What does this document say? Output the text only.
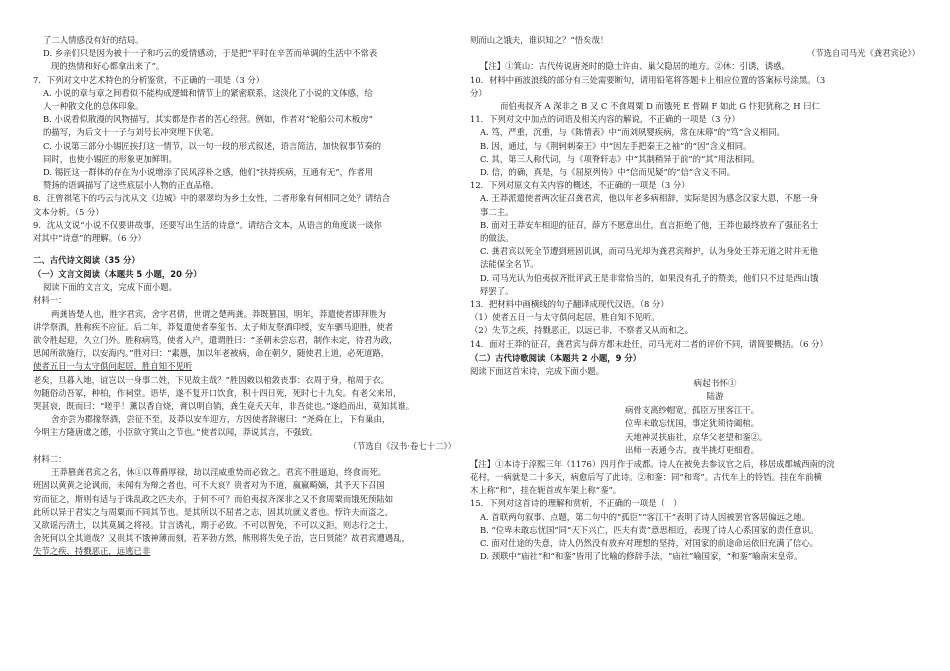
了二人情感没有好的结局。
D. 乡亲们只是因为被十一子和巧云的爱情感动，于是把“平时在辛苦而单调的生活中不常表
现的热情和好心都拿出来了”。
7．下列对文中艺术特色的分析鉴赏，不正确的一项是（3 分）
A. 小说的章与章之间看似不能构成逻辑和情节上的紧密联系，这淡化了小说的文体感，给
人一种散文化的总体印象。
B. 小说看似散漫的风物描写，其实都是作者的苦心经营。例如，作者对“轮船公司木板房”
的描写，为后文十一子与刘号长冲突埋下伏笔。
C. 小说第三部分小锡匠挨打这一情节，以一句一段的形式叙述，语言简洁，加快叙事节奏的
同时，也使小锡匠的形象更加鲜明。
D. 锡匠这一群体的存在为小说增添了民风淳朴之感，他们“扶持疾病，互通有无”，作者用
赞扬的语调描写了这些底层小人物的正直品格。
8．汪曾祺笔下的巧云与沈从文《边城》中的翠翠均为乡土女性，二者形象有何相同之处？请结合
文本分析。（5 分）
9．沈从文说“小说不仅要讲故事，还要写出生活的诗意”。请结合文本，从语言的角度谈一谈你
对其中“诗意”的理解。（6 分）
二、古代诗文阅读（35 分）
（一）文言文阅读（本题共 5 小题，20 分）
阅读下面的文言文，完成下面小题。
材料一：
两龚皆楚人也，胜字君宾，舍字君倩，世谓之楚两龚。莽既篡国，明年，莽遣使者即拜胜为
讲学祭酒，胜称疾不应征。后二年，莽复遣使者奉玺书、太子师友祭酒印绶，安车驷马迎胜，使者
欲令胜起迎，久立门外。胜称病笃，使者入户，遣谓胜曰：“圣朝未尝忘君，制作未定，待君为政，
思闻所欲施行，以安海内。”胜对曰：“素愚，加以年老被病，命在朝夕，随使君上道，必死道路，
使者五日一与太守俱问起居，胜自知不见听
老矣，旦暮入地，谊岂以一身事二姓，下见故主哉？”胜因敕以棺敛丧事：衣周于身，棺周于衣。
勿随俗动吾冢，种柏，作祠堂。语毕，遂不复开口饮食，积十四日死，死时七十九矣。有老父来吊，
哭甚哀，既而曰：“嗟乎！薰以香自烧，膏以明自销，龚生竟夭天年，非吾徒也。”遂趋而出，莫知其谁。
舍亦尝为郡掾祭酒，尝征不至，及莽以安车迎方，方因使者辞谢曰：“尧舜在上，下有巢由，
今明主方隆唐虞之德，小臣欲守箕山之节也。”使者以闻，莽说其言，不强致。
（节选自《汉书·卷七十二》）
材料二：
王莽篡龚君宾之名，休①以尊爵厚禄，劫以淫威重势而必致之。君宾不胜逼迫，终食而死。
班固以黄黄之论讽而，未闻有为辩之者也，可不大哀？贵者对为不道，嬴嬴畸嫡，其予天下召国
穷而征之，斯则有适与于诛乱政之匹夫亦，于何不可？而伯夷叔齐深非之又不食周粟而饿死预陆如
此所以异于君实之与周粟而不同其节也。是其所以不屈者之志，固其坑就义者也。悖许夫而盗之，
又欲谣污清士，以其莫属之将祲。甘言诱礼，期于必致。不可以智免，不可以义拒，则志行之士，
舍死何以全其道哉？又贵其不饿神薄而刻，若茅勃方然，熊刑将失免子治，岂曰贤能？故君宾遭遇乱，
失节之疾，持戮恶正，远逃已非
则而山之饿夫，谁识知之？”悟矣哉！
（节选自司马光《龚君宾论》）
【注】①箕山：古代传说唐尧时的隐士许由、巢父隐居的地方。②休：引诱，诱惑。
10．材料中画波浪线的部分有三处需要断句，请用铅笔将答题卡上相应位置的答案标号涂黑。（3
分）
而伯夷叔齐 A 深非之 B 又 C 不食周粟 D 而饿死 E 骨隔 F 如此 G 忭犯犹称之 H 曰仁
11．下列对文中加点的词语及相关内容的解说，不正确的一项是（3 分）
A. 笃，严重，沉重，与《陈情表》中“而刘夙婴疾病，常在床蓐”的“笃”含义相同。
B. 因，通过，与《荆轲刺秦王》中“因左手把秦王之袖”的“因”含义相同。
C. 其，第三人称代词，与《项脊轩志》中“其制稍异于前”的“其”用法相同。
D. 信，的确，真是，与《屈原列传》中“信而见疑”的“信”含义不同。
12．下列对原文有关内容的概述，不正确的一项是（3 分）
A. 王莽派遣使者两次征召龚君宾，他以年老多病相辞，实际是因为感念汉家大恩，不愿一身
事二主。
B. 面对王莽安车相迎的征召，薛方不愿意出仕，直言拒绝了他，王莽也最终放弃了强征名士
的做法。
C. 龚君宾以死全节遭到班固讥讽，而司马光却为龚君宾辩护，认为身处王莽无道之时并无他
法能保全名节。
D. 司马光认为伯夷叔齐批评武王是非常恰当的，如果没有孔子的赞美，他们只不过是西山饿
殍罢了。
13．把材料中画横线的句子翻译成现代汉语。（8 分）
（1）使者五日一与太守俱问起居，胜自知不见听。
（2）失节之疾，持戮恶正，以远已非，不察者又从而和之。
14．面对王莽的征召，龚君宾与薛方都未赴任，司马光对二者的评价不同，请简要概括。（6 分）
（二）古代诗歌阅读（本题共 2 小题，9 分）
阅读下面这首宋诗，完成下面小题。
病起书怀①
陆游
病骨支离纱帽宽，孤臣万里客江干。
位卑未敢忘忧国，事定犹须待阖棺。
天地神灵扶庙社，京华父老望和銮②。
出师一表通今古，夜半挑灯更细看。
【注】①本诗于淳熙三年（1176）四月作于成都。诗人在被免去参议官之后，移居成都城西南的浣
花村，一病就是二十多天，病愈后写了此诗。②和銮：同“和鸾”。古代车上的铃铛。挂在车前横
木上称“和”，挂在轭首或车架上称“銮”。
15．下列对这首诗的理解和赏析，不正确的一项是（　）
A. 首联两句叙事、点题，第二句中的“孤臣”“客江干”表明了诗人因被罢官客居偏远之地。
B. “位卑未敢忘忧国”同“天下兴亡，匹夫有责”意思相近，表现了诗人心系国家的责任意识。
C. 面对仕途的失意，诗人仍然没有放弃对理想的坚持，对国家的前途命运依旧充满了信心。
D. 颈联中“庙社”和“和銮”皆用了比喻的修辞手法，“庙社”喻国家，“和銮”喻南宋皇帝。
